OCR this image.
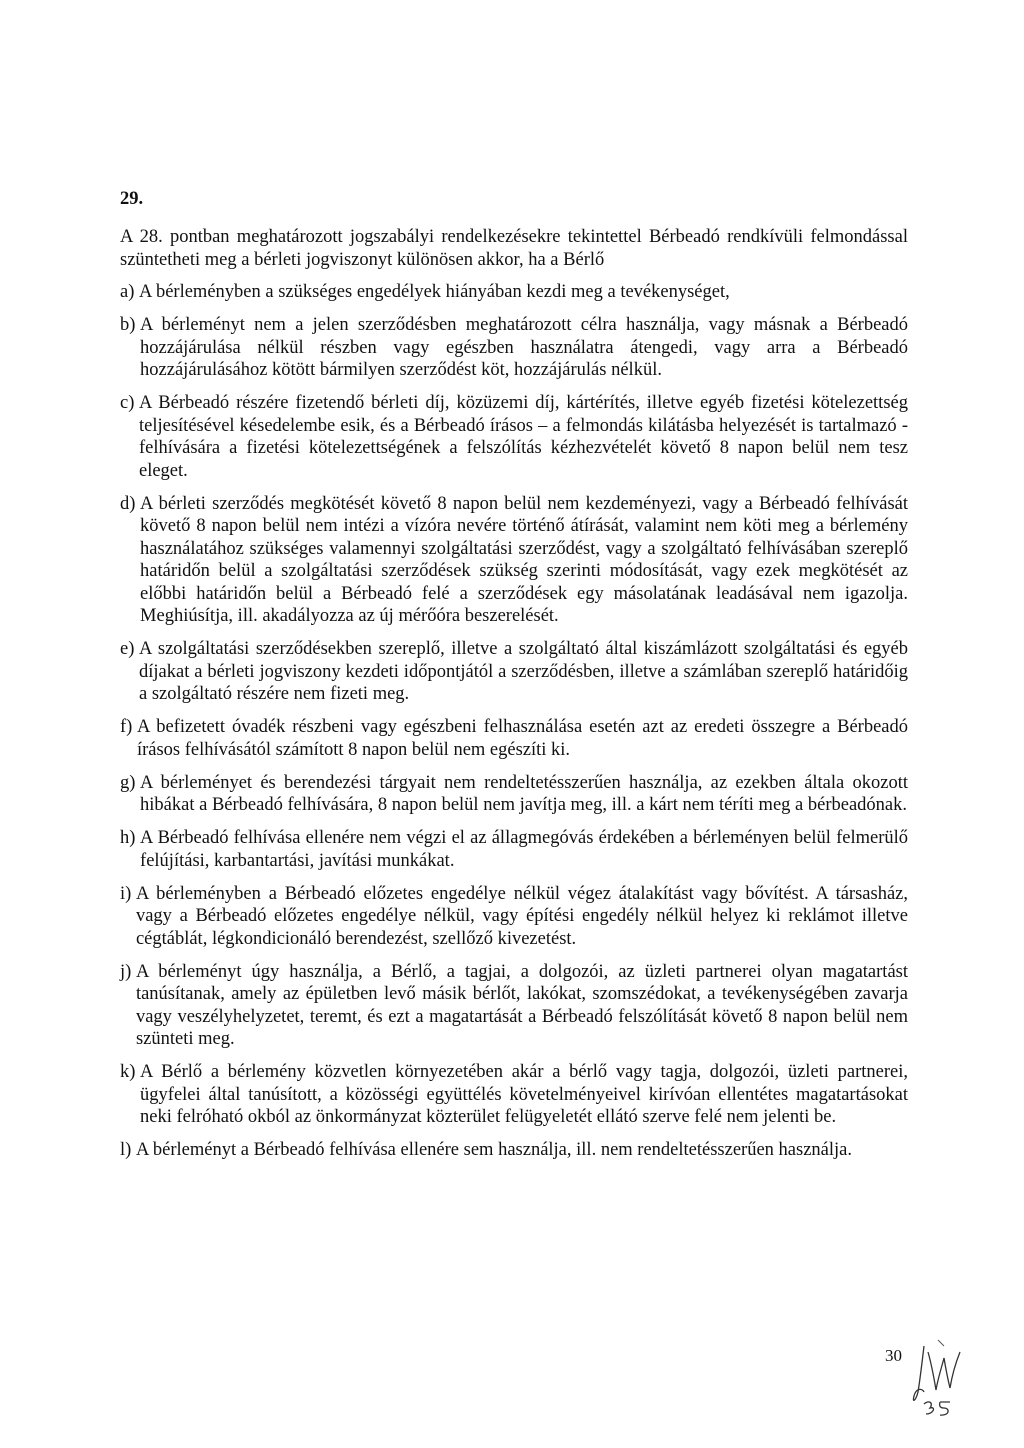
29.

A 28. pontban meghatározott jogszabályi rendelkezésekre tekintettel Bérbeadó rendkívüli felmondással szüntetheti meg a bérleti jogviszonyt különösen akkor, ha a Bérlő

a) A bérleményben a szükséges engedélyek hiányában kezdi meg a tevékenységet,
b) A bérleményt nem a jelen szerződésben meghatározott célra használja, vagy másnak a Bérbeadó hozzájárulása nélkül részben vagy egészben használatra átengedi, vagy arra a Bérbeadó hozzájárulásához kötött bármilyen szerződést köt, hozzájárulás nélkül.
c) A Bérbeadó részére fizetendő bérleti díj, közüzemi díj, kártérítés, illetve egyéb fizetési kötelezettség teljesítésével késedelembe esik, és a Bérbeadó írásos – a felmondás kilátásba helyezését is tartalmazó - felhívására a fizetési kötelezettségének a felszólítás kézhezvételét követő 8 napon belül nem tesz eleget.
d) A bérleti szerződés megkötését követő 8 napon belül nem kezdeményezi, vagy a Bérbeadó felhívását követő 8 napon belül nem intézi a vízóra nevére történő átírását, valamint nem köti meg a bérlemény használatához szükséges valamennyi szolgáltatási szerződést, vagy a szolgáltató felhívásában szereplő határidőn belül a szolgáltatási szerződések szükség szerinti módosítását, vagy ezek megkötését az előbbi határidőn belül a Bérbeadó felé a szerződések egy másolatának leadásával nem igazolja. Meghiúsítja, ill. akadályozza az új mérőóra beszerelését.
e) A szolgáltatási szerződésekben szereplő, illetve a szolgáltató által kiszámlázott szolgáltatási és egyéb díjakat a bérleti jogviszony kezdeti időpontjától a szerződésben, illetve a számlában szereplő határidőig a szolgáltató részére nem fizeti meg.
f) A befizetett óvadék részbeni vagy egészbeni felhasználása esetén azt az eredeti összegre a Bérbeadó írásos felhívásától számított 8 napon belül nem egészíti ki.
g) A bérleményet és berendezési tárgyait nem rendeltetésszerűen használja, az ezekben általa okozott hibákat a Bérbeadó felhívására, 8 napon belül nem javítja meg, ill. a kárt nem téríti meg a bérbeadónak.
h) A Bérbeadó felhívása ellenére nem végzi el az állagmegóvás érdekében a bérleményen belül felmerülő felújítási, karbantartási, javítási munkákat.
i) A bérleményben a Bérbeadó előzetes engedélye nélkül végez átalakítást vagy bővítést. A társasház, vagy a Bérbeadó előzetes engedélye nélkül, vagy építési engedély nélkül helyez ki reklámot illetve cégtáblát, légkondicionáló berendezést, szellőző kivezetést.
j) A bérleményt úgy használja, a Bérlő, a tagjai, a dolgozói, az üzleti partnerei olyan magatartást tanúsítanak, amely az épületben levő másik bérlőt, lakókat, szomszédokat, a tevékenységében zavarja vagy veszélyhelyzetet, teremt, és ezt a magatartását a Bérbeadó felszólítását követő 8 napon belül nem szünteti meg.
k) A Bérlő a bérlemény közvetlen környezetében akár a bérlő vagy tagja, dolgozói, üzleti partnerei, ügyfelei által tanúsított, a közösségi együttélés követelményeivel kirívóan ellentétes magatartásokat neki felróható okból az önkormányzat közterület felügyeletét ellátó szerve felé nem jelenti be.
l) A bérleményt a Bérbeadó felhívása ellenére sem használja, ill. nem rendeltetésszerűen használja.
30
